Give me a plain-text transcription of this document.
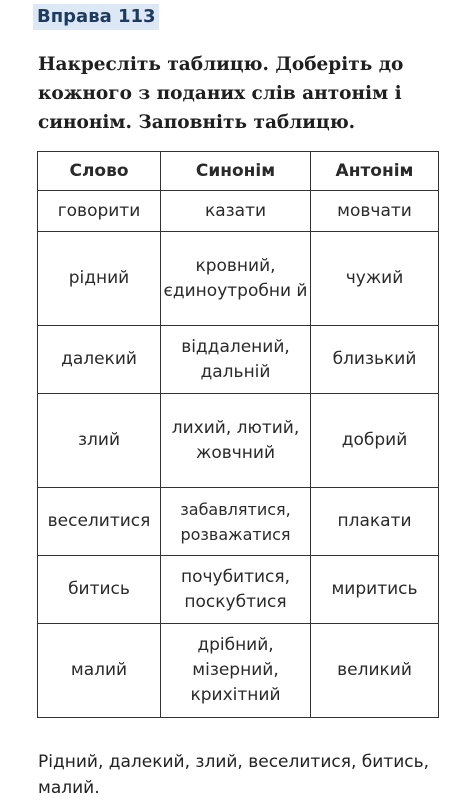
Вправа 113
Накресліть таблицю. Доберіть до кожного з поданих слів антонім і синонім. Заповніть таблицю.
Слово	Синонім	Антонім
говорити	казати	мовчати
рідний	кровний, єдиноутробни й	чужий
далекий	віддалений, дальній	близький
злий	лихий, лютий, жовчний	добрий
веселитися	забавлятися, розважатися	плакати
битись	почубитися, поскубтися	миритись
малий	дрібний, мізерний, крихітний	великий
Рідний, далекий, злий, веселитися, битись, малий.
